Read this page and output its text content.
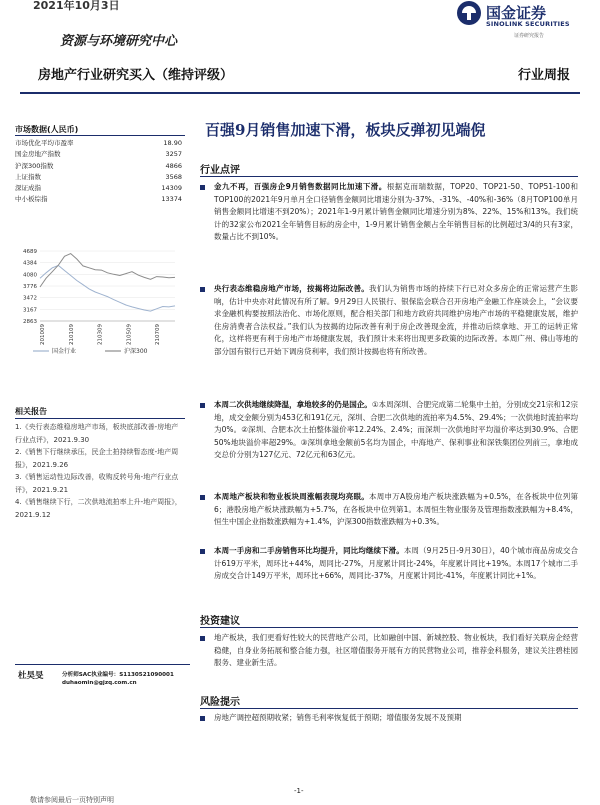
2021年10月3日
资源与环境研究中心
国金证券
SINOLINK SECURITIES
证券研究报告
房地产行业研究买入（维持评级）	行业周报
百强9月销售加速下滑，板块反弹初见端倪
市场数据(人民币)
市场优化平均市盈率	18.90
国金房地产指数	3257
沪深300指数	4866
上证指数	3568
深证成指	14309
中小板综指	13374
4689
4384
4080
3776
3472
3167
2863
201009	210109	210309	210509	210709
国金行业	沪深300
相关报告
1.《央行表态维稳房地产市场，板块底部改善-房地产行业点评》，2021.9.30
2.《销售下行继续承压，民企土拍持续暂态度-地产周报》，2021.9.26
3.《销售运动性边际改善，收购反转号角-地产行业点评》，2021.9.21
4.《销售继续下行，二次供地流拍率上升-地产周报》，2021.9.12
杜昊旻	分析师SAC执业编号：S1130521090001
duhaomin@gjzq.com.cn
行业点评
金九不再，百强房企9月销售数据同比加速下滑。根据克而瑞数据，TOP20、TOP21-50、TOP51-100和TOP100的2021年9月单月全口径销售金额同比增速分别为-37%、-31%、-40%和-36%（8月TOP100单月销售金额同比增速不到20%）；2021年1-9月累计销售金额同比增速分别为8%、22%、15%和13%。我们统计的32家公布2021全年销售目标的房企中，1-9月累计销售金额占全年销售目标的比例超过3/4的只有3家，数量占比不到10%。
央行表态维稳房地产市场，按揭将边际改善。我们认为销售市场的持续下行已对众多房企的正常运营产生影响，估计中央亦对此情况有所了解。9月29日人民银行、银保监会联合召开房地产金融工作座谈会上，“会议要求金融机构要按照法治化、市场化原则，配合相关部门和地方政府共同维护房地产市场的平稳健康发展，维护住房消费者合法权益。”我们认为按揭的边际改善有利于房企改善现金流，并推动后续拿地、开工的运转正常化，这样将更有利于房地产市场健康发展，我们预计未来将出现更多政策的边际改善。本周广州、佛山等地的部分国有银行已开始下调房贷利率，我们预计按揭也将有所改善。
本周二次供地继续降温，拿地较多的仍是国企。①本周深圳、合肥完成第二轮集中土拍，分别成交21宗和12宗地，成交金额分别为453亿和191亿元，深圳、合肥二次供地的流拍率为4.5%、29.4%；一次供地时流拍率均为0%。②深圳、合肥本次土拍整体溢价率12.24%、2.4%；而深圳一次供地时平均溢价率达到30.9%、合肥50%地块溢价率超29%。③深圳拿地金额前5名均为国企，中海地产、保利事业和深铁集团位列前三，拿地成交总价分别为127亿元、72亿元和63亿元。
本周地产板块和物业板块周涨幅表现均亮眼。本周申万A股房地产板块涨跌幅为+0.5%，在各板块中位列第6；港股房地产板块涨跌幅为+5.7%，在各板块中位列第1。本周恒生物业服务及管理指数涨跌幅为+8.4%，恒生中国企业指数涨跌幅为+1.4%，沪深300指数涨跌幅为+0.3%。
本周一手房和二手房销售环比均提升，同比均继续下滑。本周（9月25日-9月30日），40个城市商品房成交合计619万平米，周环比+44%，周同比-27%，月度累计同比-24%，年度累计同比+19%。本周17个城市二手房成交合计149万平米，周环比+66%，周同比-37%，月度累计同比-41%，年度累计同比+1%。
投资建议
地产板块，我们更看好性较大的民营地产公司，比如融创中国、新城控股、物业板块，我们看好关联房企经营稳健，自身业务拓展和整合能力强，社区增值服务开展有方的民营物业公司，推荐金科服务，建议关注碧桂园服务、建业新生活。
风险提示
房地产调控超预期收紧；销售毛利率恢复低于预期；增值服务发展不及预期
-1-
敬请参阅最后一页特别声明
